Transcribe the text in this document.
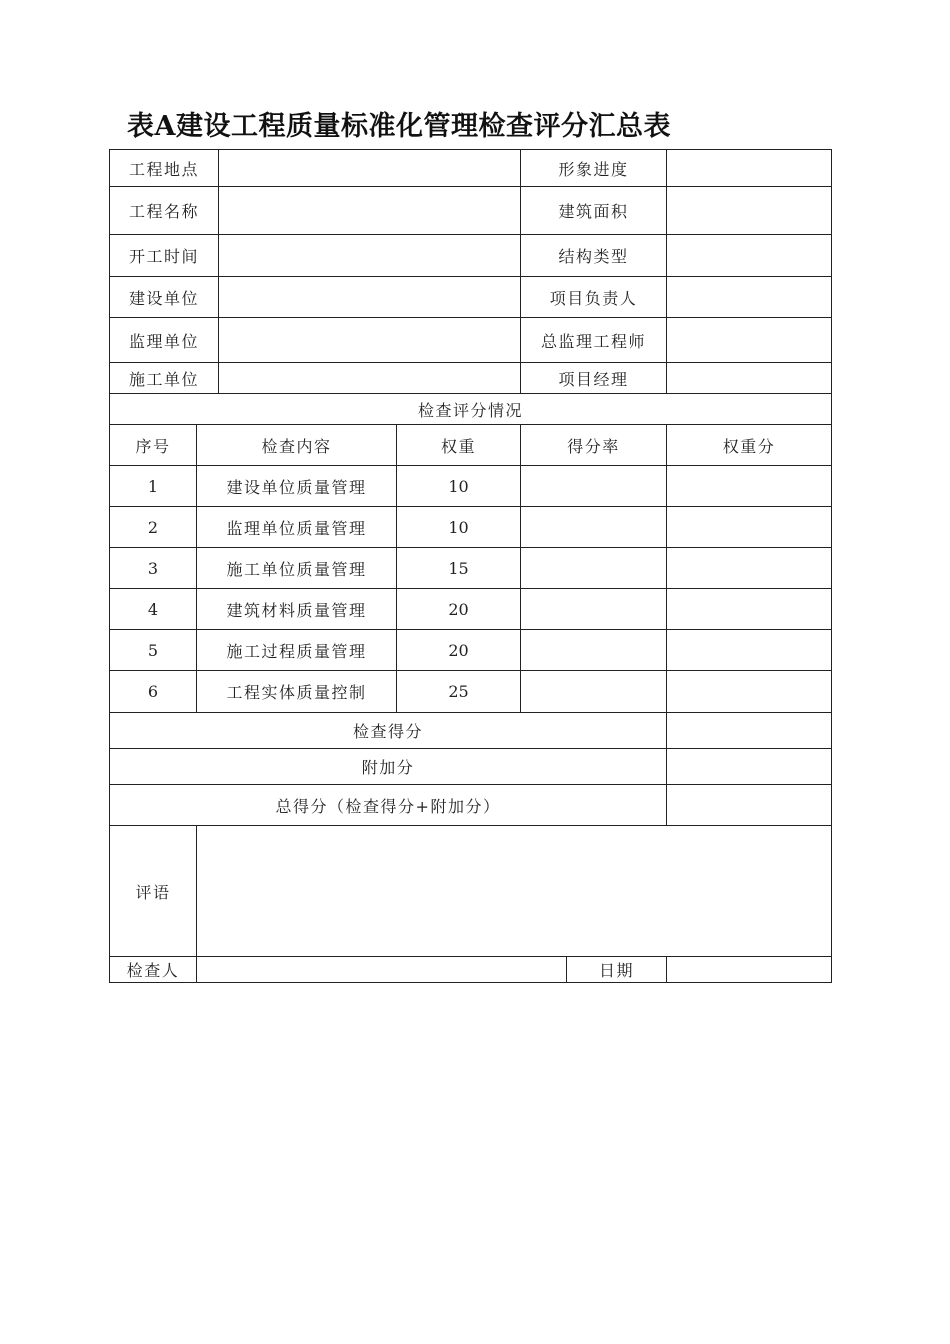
表A建设工程质量标准化管理检查评分汇总表
工程地点				形象进度		
工程名称				建筑面积		
开工时间				结构类型		
建设单位				项目负责人		
监理单位				总监理工程师		
施工单位				项目经理		
检查评分情况						
序号	检查内容		权重	得分率		权重分
1	建设单位质量管理		10			
2	监理单位质量管理		10			
3	施工单位质量管理		15			
4	建筑材料质量管理		20			
5	施工过程质量管理		20			
6	工程实体质量控制		25			
检查得分						
附加分						
总得分（检查得分+附加分）						
评语						
检查人					日期	
